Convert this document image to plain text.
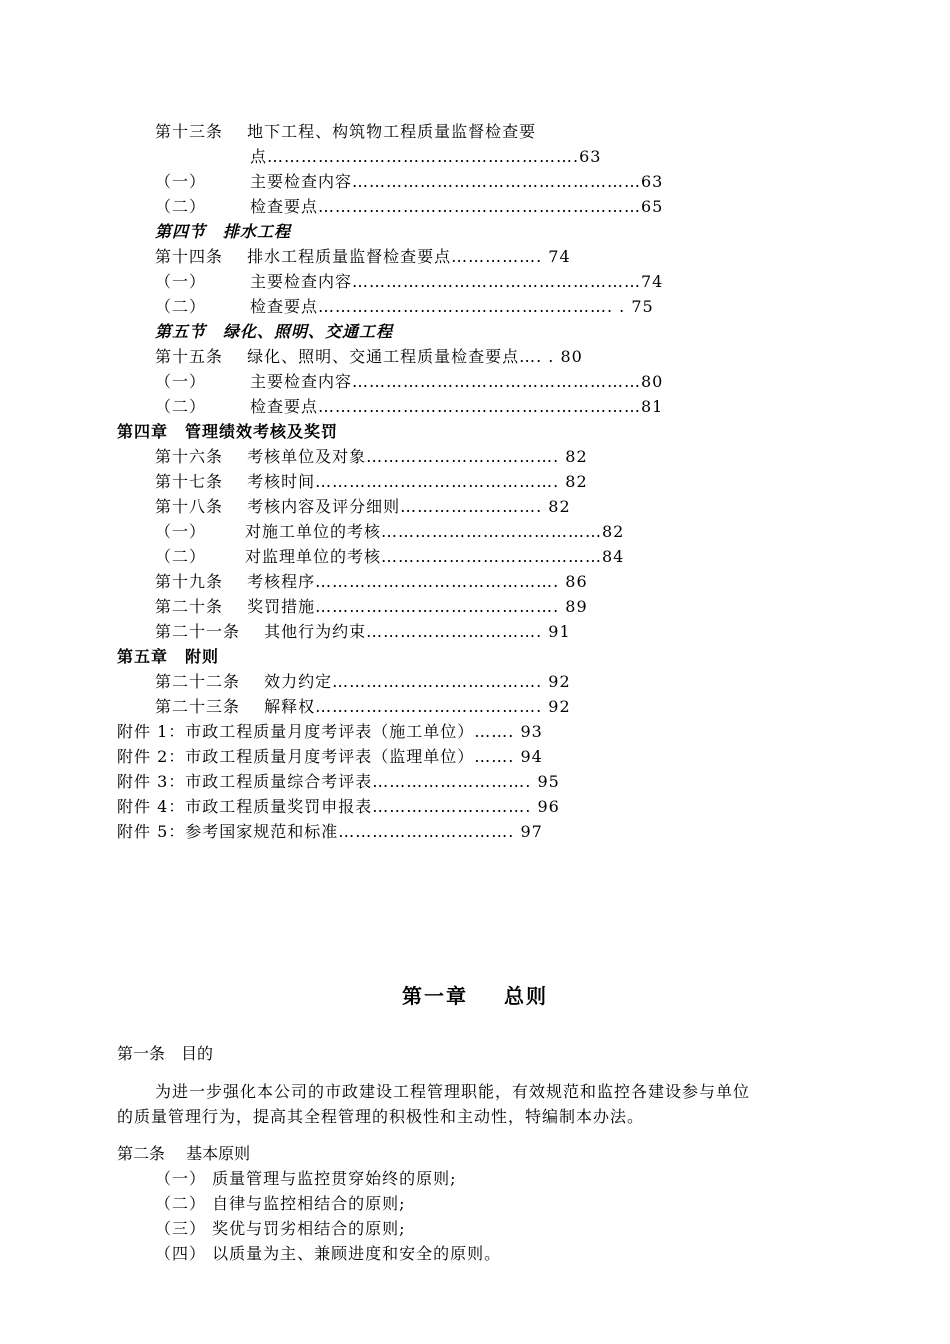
第十三条 地下工程、构筑物工程质量监督检查要
点……………………………………………….63
（一）	主要检查内容……………………………………………63
（二）	检查要点…………………………………………………65
第四节　排水工程
第十四条 排水工程质量监督检查要点……………. 74
（一）	主要检查内容……………………………………………74
（二）	检查要点……………………………………………. . 75
第五节　绿化、照明、交通工程
第十五条 绿化、照明、交通工程质量检查要点…. . 80
（一）	主要检查内容……………………………………………80
（二）	检查要点…………………………………………………81
第四章　管理绩效考核及奖罚
第十六条 考核单位及对象……………………………. 82
第十七条 考核时间……………………………………. 82
第十八条 考核内容及评分细则……………………. 82
（一） 对施工单位的考核…………………………………82
（二） 对监理单位的考核…………………………………84
第十九条 考核程序……………………………………. 86
第二十条 奖罚措施……………………………………. 89
第二十一条 其他行为约束…………………………. 91
第五章　附则
第二十二条 效力约定………………………………. 92
第二十三条 解释权…………………………………. 92
附件 1：市政工程质量月度考评表（施工单位）……. 93
附件 2：市政工程质量月度考评表（监理单位）……. 94
附件 3：市政工程质量综合考评表………………………. 95
附件 4：市政工程质量奖罚申报表………………………. 96
附件 5：参考国家规范和标准…………………………. 97
第一章 总则
第一条　目的
为进一步强化本公司的市政建设工程管理职能，有效规范和监控各建设参与单位
的质量管理行为，提高其全程管理的积极性和主动性，特编制本办法。
第二条　 基本原则
（一） 质量管理与监控贯穿始终的原则;
（二） 自律与监控相结合的原则;
（三） 奖优与罚劣相结合的原则;
（四） 以质量为主、兼顾进度和安全的原则。
